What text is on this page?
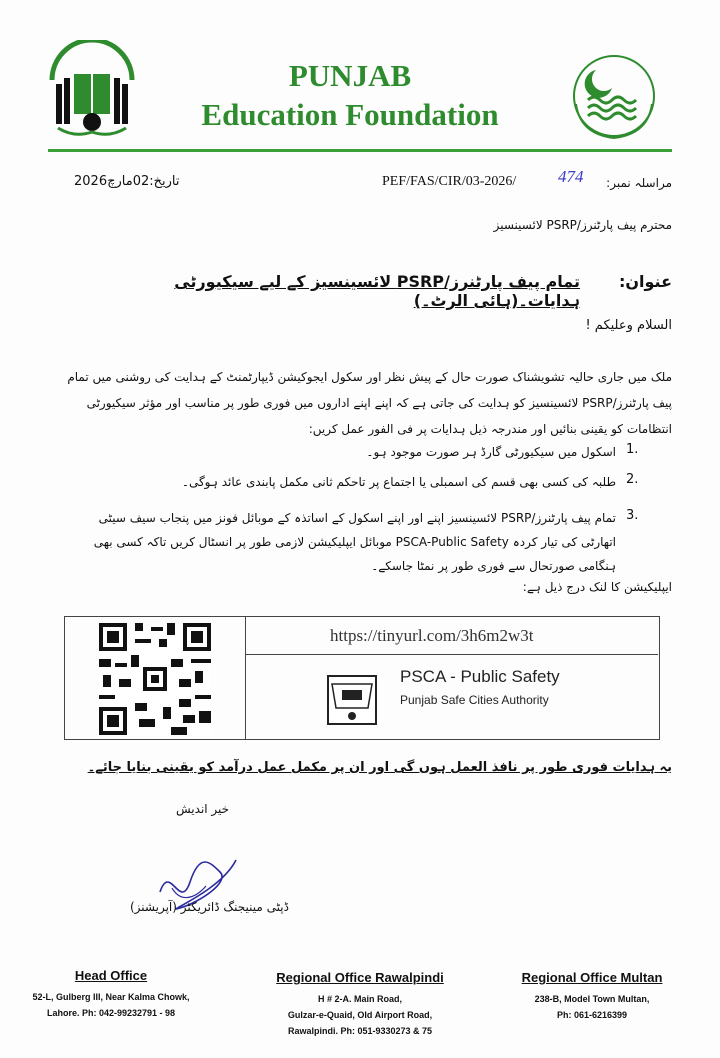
PUNJAB
Education Foundation
مراسلہ نمبر:
PEF/FAS/CIR/03-2026/ 474
تاریخ:02مارچ2026
محترم پیف پارٹنرز/PSRP لائسینسیز
عنوان:
تمام پیف پارٹنرز/PSRP لائسینسیز کے لیے سیکیورٹی ہدایات۔(ہائی الرٹ۔)
السلام وعلیکم !
ملک میں جاری حالیہ تشویشناک صورت حال کے پیش نظر اور سکول ایجوکیشن ڈیپارٹمنٹ کے ہدایت کی روشنی میں تمام پیف پارٹنرز/PSRP لائسینسیز کو ہدایت کی جاتی ہے کہ اپنے اپنے اداروں میں فوری طور پر مناسب اور مؤثر سیکیورٹی انتظامات کو یقینی بنائیں اور مندرجہ ذیل ہدایات پر فی الفور عمل کریں:
1.
اسکول میں سیکیورٹی گارڈ ہر صورت موجود ہو۔
2.
طلبہ کی کسی بھی قسم کی اسمبلی یا اجتماع پر تاحکم ثانی مکمل پابندی عائد ہوگی۔
3.
تمام پیف پارٹنرز/PSRP لائسینسیز اپنے اور اپنے اسکول کے اساتذہ کے موبائل فونز میں پنجاب سیف سیٹی اتھارٹی کی تیار کردہ PSCA-Public Safety موبائل ایپلیکیشن لازمی طور پر انسٹال کریں تاکہ کسی بھی ہنگامی صورتحال سے فوری طور پر نمٹا جاسکے۔
ایپلیکیشن کا لنک درج ذیل ہے:
https://tinyurl.com/3h6m2w3t
PSCA - Public Safety
Punjab Safe Cities Authority
یہ ہدایات فوری طور پر نافذ العمل ہوں گی اور ان پر مکمل عمل درآمد کو یقینی بنایا جائے۔
خیر اندیش
ڈپٹی مینیجنگ ڈائریکٹر (آپریشنز)
Head Office
52-L, Gulberg III, Near Kalma Chowk,
Lahore. Ph: 042-99232791 - 98
Regional Office Rawalpindi
H # 2-A. Main Road,
Gulzar-e-Quaid, Old Airport Road,
Rawalpindi. Ph: 051-9330273 & 75
Regional Office Multan
238-B, Model Town Multan,
Ph: 061-6216399
